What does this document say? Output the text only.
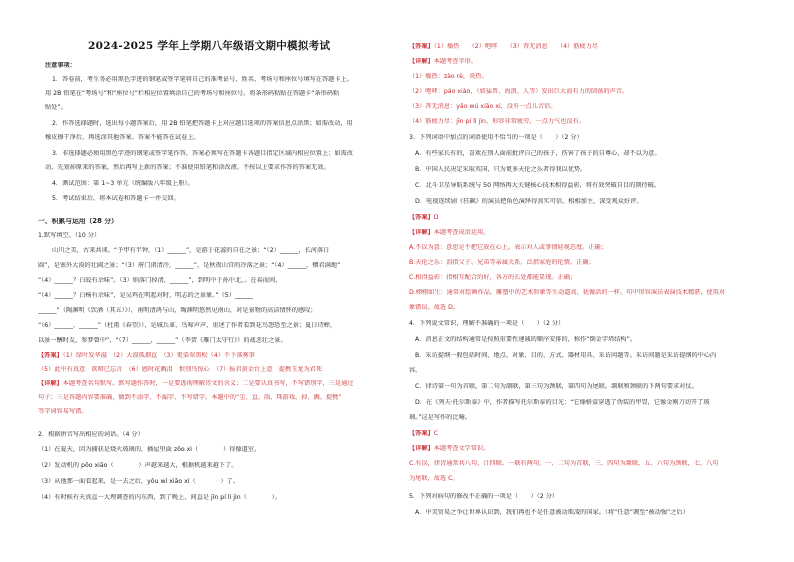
2024-2025 学年上学期八年级语文期中模拟考试
注意事项：
1．答卷前，考生务必用黑色字迹的钢笔或签字笔将自己的准考证号、姓名、考场号和座位号填写在答题卡上。
用 2B 铅笔在“考场号”和“座位号”栏相应位置填涂自己的考场号和座位号。将条形码粘贴在答题卡“条形码粘
贴处”。
2．作答选择题时，选出每小题答案后，用 2B 铅笔把答题卡上对应题目选项的答案信息点涂黑；如需改动，用
橡皮擦干净后，再选涂其他答案。答案不能答在试卷上。
3．非选择题必须用黑色字迹的钢笔或签字笔作答，答案必须写在答题卡各题目指定区域内相应位置上；如需改
动，先划掉原来的答案，然后再写上新的答案；不准使用铅笔和涂改液。不按以上要求作答的答案无效。
4．测试范围：第 1~3 单元（统编版八年级上册）。
5．考试结束后，将本试卷和答题卡一并交回。
一、积累与运用（28 分）
1.默写填空。（10 分）
山川之美，古来共谈。“予甲有半钟，（1）______”，是游于花蕊的自在之景；“（2）______，长河落日
圆”，是塞外大漠的壮阔之景；“（3）府门闭清冷，______”，是秋夜山宫的冷落之景；“（4）______，赠君满地”
“（4）______？白皎有余味”。（3）则落门掉清，______”，到明中于孙中北，。在春而间，
“（4）______？白杨有余味”，是吴鸡在明起对时，明志的之景象。”（5）______
______”（陶渊明《饮酒（其五）》），南明清鸿与山，陶渊明悠然见南山，对是景物的高洁情怀的感叹；
“（6）______，______”（杜甫《春望》），是城兵革，鸟啼声声，重述了作者看到花鸟怨恐至之景；夏日诗蝉，
以景一酬时友，参梦曾中”，“（7）______，______”（李贺《雁门太守行》）的战悲壮之景。
【答案】（1）绿叶发华滋　（2）大漠孤烟直　（3）更染翠黑松（4）不下落雾事
（5）此中有真意　欲辩已忘言　（6）感时花溅泪　恨别鸟惊心　（7）报君黄金台上意　提携玉龙为君死
【详解】本题考查名句默写。默写题作答时，一是要透彻理解诗文的含义；二是要认真书写，不写错别字，三是通过
句子；三是答题内容要准确，做到不添字、不漏字、不写错字。本题中的“尘、直、雨、珠游戏、掉、溅、提携”
等字词容易写错。
2．根据拼音写出相应的词语。（4 分）
（1）在夏天，因为捕获是烧火玻璃的，插屋里面 zōo xì（　　　　）得像道室。
（2）发动机的 pǒo xiāo（　　　　）声越来越大，根据机越来越下了。
（3）从他那一面看起来，是一去之后，yǒu wí xiāo xí（　　　　）了。
（4）有时候有天真直一大理调查的内东西，到了晚上，间直是 jīn pí lì jìn（　　　　）。
【答案】（1）燥热　　（2）咆哮　　（3）杳无消息　　（4）筋疲力尽
【详解】本题考查字形。
（1）燥热：zào rè，炎热。
（2）咆哮：páo xiào，（如猛兽、海浪、人等）发出巨大而有力的回荡的声音。
（3）杳无消息：yǎo wú xiāo xi，没有一点儿音信。
（4）筋疲力尽：jīn pí lì jìn，形容非常疲劳，一点力气也没有。
3．下列词语中加点的词语使用不恰当的一项是（　　）（2 分）
A．有些家长有的，喜欢在别人面前批评自己的孩子，伤害了孩子的自尊心，却不以为意。
B．中国人民决定采取英国，只为更多天伦之乐者得我以优势。
C．北斗卫星导航系统与 50 网络再大关键核心技术相得益彰，将有效突破自目的期待破。
D．电视连续剧《狂飙》的演员把角色演绎得真实可信，相相加主，深受观众好评。
【答案】D
【详解】本题考查成语运用。
A.不以为意：意思是不把它放在心上。表示对人或事情轻视态度。正确；
B.天伦之乐：泪指父子、兄弟等亲属关系，泛指家庭的伦情。正确；
C.相得益彰：指相互配合的好，各方的长处都能显现。正确；
D.栩栩如生：通常对绘画作品、雕塑中的艺术形象等生动逼真，犹像活的一样。句中形容演员表演技术精湛，使用对
象错误。故选 D。
4．下列说文常识，理解不准确的一项是（　　）（2 分）
A．消息正文的结构通常是按照重要性递减的顺序安排的，称作“倒金字塔结构”。
B．采访提纲一般包括时间、地点、对象、目的、方式、器材用具、采访问题等。采访问题是采访提纲的中心内
容。
C．律诗第一句为首联，第二句为颔联，第三句为颈联，第四句为尾联。颔联和颈联的下两句要求对仗。
D．在《列夫·托尔斯泰》中，作者描写托尔斯泰的目光：“它像格盒穿透了伪装的甲胄，它像金刚刀切开了玻
璃。”这是写作的比喻。
【答案】C
【详解】本题考查文学常识。
C.有误，律诗通常共八句，计四联。一联有两句，一、二句为首联，三、四句为颔联，五、六句为颈联，七、八句
为尾联，故选 C。
5．下列对病句的修改不正确的一项是（　　）（2 分）
A．中美贸易之争让世界认识到，我们再也不是任意被动欺凌的国家。（将“任意”调至“被动强”之后）
